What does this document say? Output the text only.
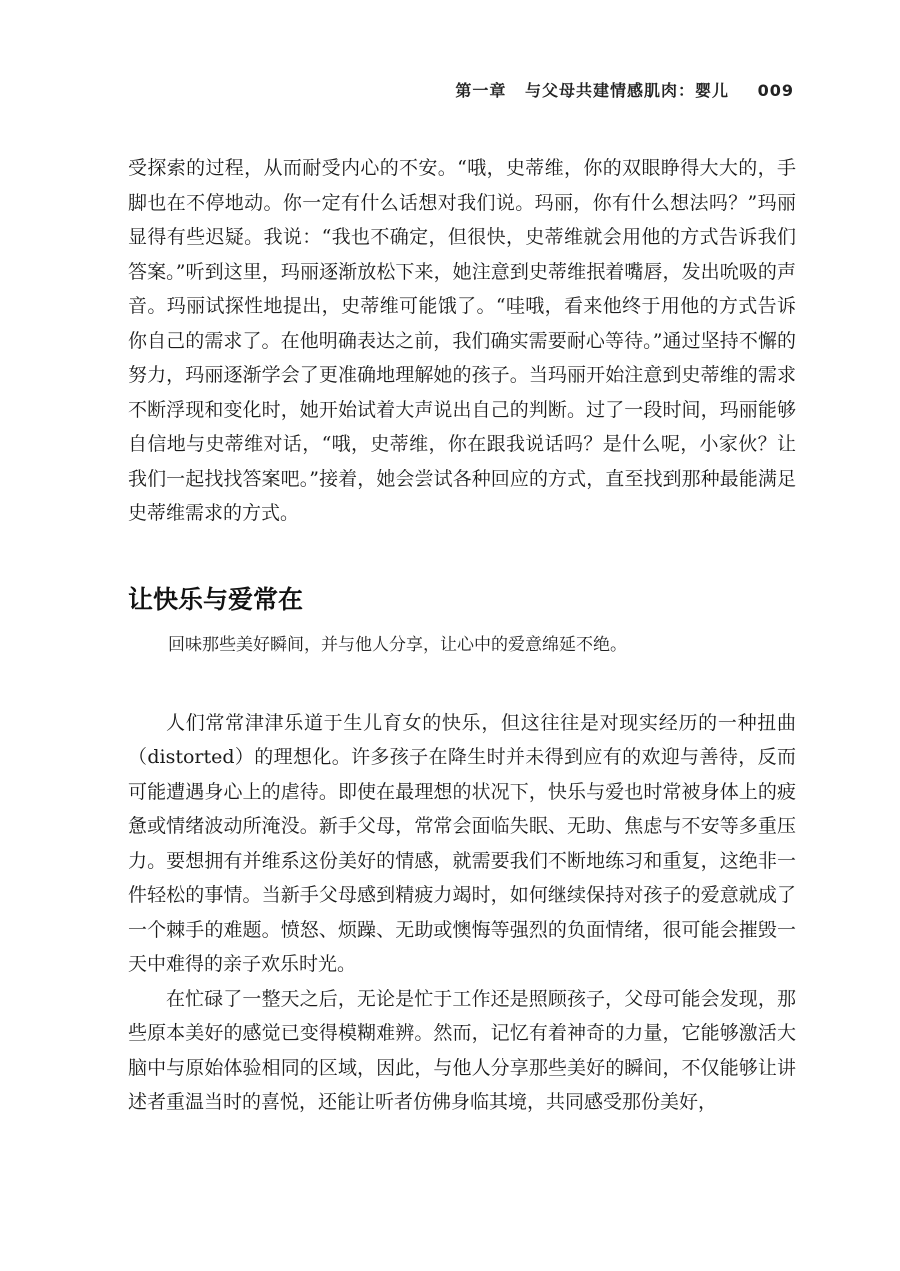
第一章 与父母共建情感肌肉：婴儿 009

受探索的过程，从而耐受内心的不安。“哦，史蒂维，你的双眼睁得大大的，手脚也在不停地动。你一定有什么话想对我们说。玛丽，你有什么想法吗？”玛丽显得有些迟疑。我说：“我也不确定，但很快，史蒂维就会用他的方式告诉我们答案。”听到这里，玛丽逐渐放松下来，她注意到史蒂维抿着嘴唇，发出吮吸的声音。玛丽试探性地提出，史蒂维可能饿了。“哇哦，看来他终于用他的方式告诉你自己的需求了。在他明确表达之前，我们确实需要耐心等待。”通过坚持不懈的努力，玛丽逐渐学会了更准确地理解她的孩子。当玛丽开始注意到史蒂维的需求不断浮现和变化时，她开始试着大声说出自己的判断。过了一段时间，玛丽能够自信地与史蒂维对话，“哦，史蒂维，你在跟我说话吗？是什么呢，小家伙？让我们一起找找答案吧。”接着，她会尝试各种回应的方式，直至找到那种最能满足史蒂维需求的方式。

让快乐与爱常在

回味那些美好瞬间，并与他人分享，让心中的爱意绵延不绝。

人们常常津津乐道于生儿育女的快乐，但这往往是对现实经历的一种扭曲（distorted）的理想化。许多孩子在降生时并未得到应有的欢迎与善待，反而可能遭遇身心上的虐待。即使在最理想的状况下，快乐与爱也时常被身体上的疲惫或情绪波动所淹没。新手父母，常常会面临失眠、无助、焦虑与不安等多重压力。要想拥有并维系这份美好的情感，就需要我们不断地练习和重复，这绝非一件轻松的事情。当新手父母感到精疲力竭时，如何继续保持对孩子的爱意就成了一个棘手的难题。愤怒、烦躁、无助或懊悔等强烈的负面情绪，很可能会摧毁一天中难得的亲子欢乐时光。

在忙碌了一整天之后，无论是忙于工作还是照顾孩子，父母可能会发现，那些原本美好的感觉已变得模糊难辨。然而，记忆有着神奇的力量，它能够激活大脑中与原始体验相同的区域，因此，与他人分享那些美好的瞬间，不仅能够让讲述者重温当时的喜悦，还能让听者仿佛身临其境，共同感受那份美好，
